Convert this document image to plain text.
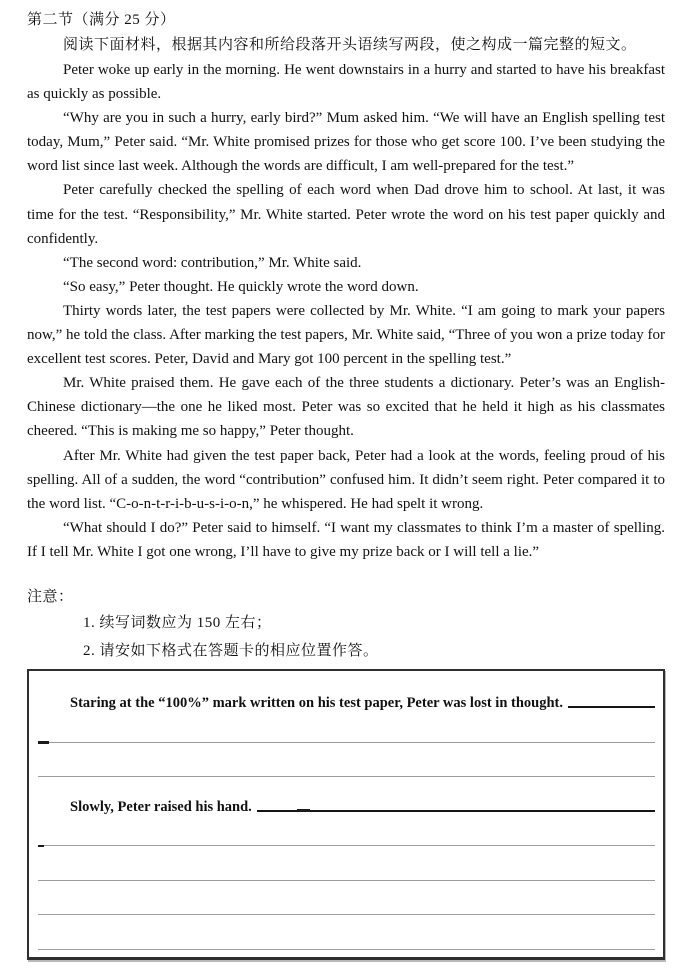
第二节（满分 25 分）

阅读下面材料，根据其内容和所给段落开头语续写两段，使之构成一篇完整的短文。

Peter woke up early in the morning. He went downstairs in a hurry and started to have his breakfast as quickly as possible.

“Why are you in such a hurry, early bird?” Mum asked him. “We will have an English spelling test today, Mum,” Peter said. “Mr. White promised prizes for those who get score 100. I’ve been studying the word list since last week. Although the words are difficult, I am well-prepared for the test.”

Peter carefully checked the spelling of each word when Dad drove him to school. At last, it was time for the test. “Responsibility,” Mr. White started. Peter wrote the word on his test paper quickly and confidently.

“The second word: contribution,” Mr. White said.

“So easy,” Peter thought. He quickly wrote the word down.

Thirty words later, the test papers were collected by Mr. White. “I am going to mark your papers now,” he told the class. After marking the test papers, Mr. White said, “Three of you won a prize today for excellent test scores. Peter, David and Mary got 100 percent in the spelling test.”

Mr. White praised them. He gave each of the three students a dictionary. Peter’s was an English-Chinese dictionary—the one he liked most. Peter was so excited that he held it high as his classmates cheered. “This is making me so happy,” Peter thought.

After Mr. White had given the test paper back, Peter had a look at the words, feeling proud of his spelling. All of a sudden, the word “contribution” confused him. It didn’t seem right. Peter compared it to the word list. “C-o-n-t-r-i-b-u-s-i-o-n,” he whispered. He had spelt it wrong.

“What should I do?” Peter said to himself. “I want my classmates to think I’m a master of spelling. If I tell Mr. White I got one wrong, I’ll have to give my prize back or I will tell a lie.”

注意：
1. 续写词数应为 150 左右；
2. 请安如下格式在答题卡的相应位置作答。
Staring at the “100%” mark written on his test paper, Peter was lost in thought.
Slowly, Peter raised his hand.
